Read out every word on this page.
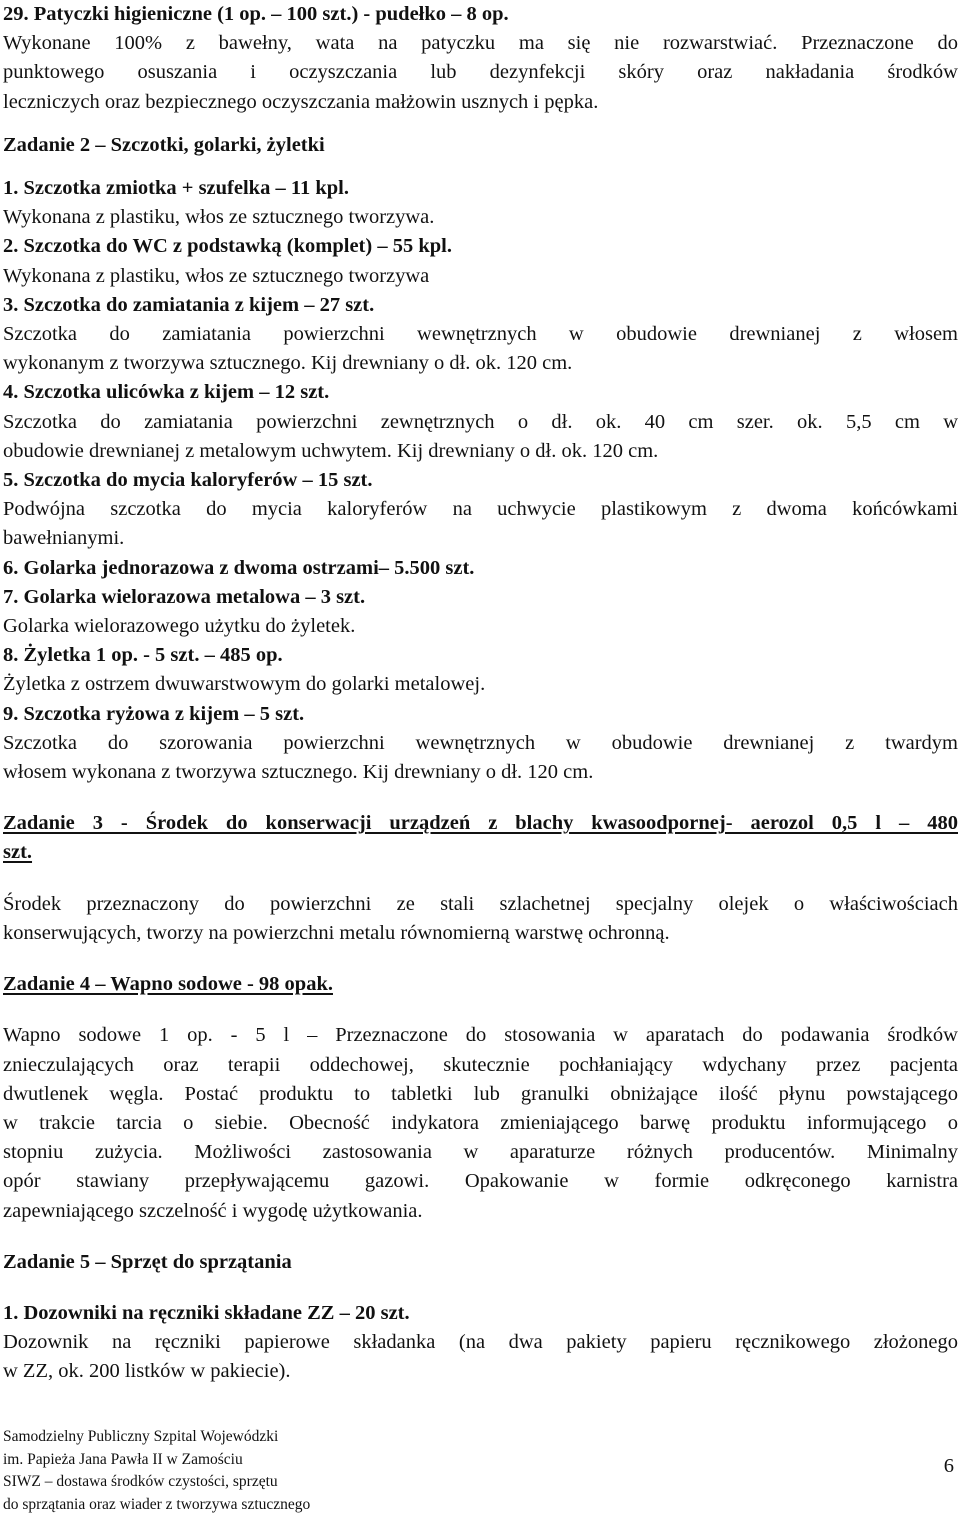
29. Patyczki higieniczne (1 op. – 100 szt.) - pudełko – 8 op.

Wykonane 100% z bawełny, wata na patyczku ma się nie rozwarstwiać. Przeznaczone do

punktowego osuszania i oczyszczania lub dezynfekcji skóry oraz nakładania środków

leczniczych oraz bezpiecznego oczyszczania małżowin usznych i pępka.

Zadanie 2 – Szczotki, golarki, żyletki

1. Szczotka zmiotka + szufelka – 11 kpl.

Wykonana z plastiku, włos ze sztucznego tworzywa.

2. Szczotka do WC z podstawką (komplet) – 55 kpl.

Wykonana z plastiku, włos ze sztucznego tworzywa

3. Szczotka do zamiatania z kijem – 27 szt.

Szczotka do zamiatania powierzchni wewnętrznych w obudowie drewnianej z włosem

wykonanym z tworzywa sztucznego. Kij drewniany o dł. ok. 120 cm.

4. Szczotka ulicówka z kijem – 12 szt.

Szczotka do zamiatania powierzchni zewnętrznych o dł. ok. 40 cm szer. ok. 5,5 cm w

obudowie drewnianej z metalowym uchwytem. Kij drewniany o dł. ok. 120 cm.

5. Szczotka do mycia kaloryferów – 15 szt.

Podwójna szczotka do mycia kaloryferów na uchwycie plastikowym z dwoma końcówkami

bawełnianymi.

6. Golarka jednorazowa z dwoma ostrzami– 5.500 szt.

7. Golarka wielorazowa metalowa – 3 szt.

Golarka wielorazowego użytku do żyletek.

8. Żyletka 1 op. - 5 szt. – 485 op.

Żyletka z ostrzem dwuwarstwowym do golarki metalowej.

9. Szczotka ryżowa z kijem – 5 szt.

Szczotka do szorowania powierzchni wewnętrznych w obudowie drewnianej z twardym

włosem wykonana z tworzywa sztucznego. Kij drewniany o dł. 120 cm.

Zadanie 3 - Środek do konserwacji urządzeń z blachy kwasoodpornej- aerozol 0,5 l – 480

szt.

Środek przeznaczony do powierzchni ze stali szlachetnej specjalny olejek o właściwościach

konserwujących, tworzy na powierzchni metalu równomierną warstwę ochronną.

Zadanie 4 – Wapno sodowe - 98 opak.

Wapno sodowe 1 op. - 5 l – Przeznaczone do stosowania w aparatach do podawania środków

znieczulających oraz terapii oddechowej, skutecznie pochłaniający wdychany przez pacjenta

dwutlenek węgla. Postać produktu to tabletki lub granulki obniżające ilość płynu powstającego

w trakcie tarcia o siebie. Obecność indykatora zmieniającego barwę produktu informującego o

stopniu zużycia. Możliwości zastosowania w aparaturze różnych producentów. Minimalny

opór stawiany przepływającemu gazowi. Opakowanie w formie odkręconego karnistra

zapewniającego szczelność i wygodę użytkowania.

Zadanie 5 – Sprzęt do sprzątania

1. Dozowniki na ręczniki składane ZZ – 20 szt.

Dozownik na ręczniki papierowe składanka (na dwa pakiety papieru ręcznikowego złożonego

w ZZ, ok. 200 listków w pakiecie).

Samodzielny Publiczny Szpital Wojewódzki

im. Papieża Jana Pawła II w Zamościu

SIWZ – dostawa środków czystości, sprzętu

do sprzątania oraz wiader z tworzywa sztucznego

6
